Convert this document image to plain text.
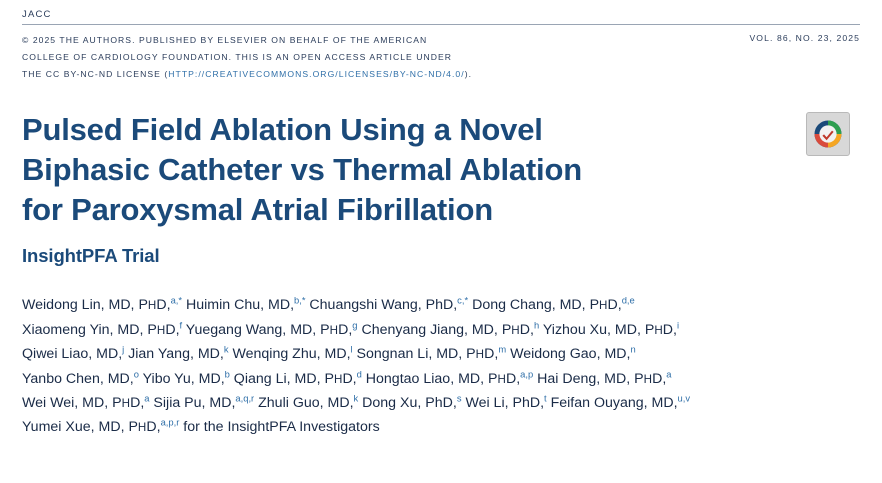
JACC
© 2025 THE AUTHORS. PUBLISHED BY ELSEVIER ON BEHALF OF THE AMERICAN
COLLEGE OF CARDIOLOGY FOUNDATION. THIS IS AN OPEN ACCESS ARTICLE UNDER
THE CC BY-NC-ND LICENSE (HTTP://CREATIVECOMMONS.ORG/LICENSES/BY-NC-ND/4.0/).
VOL. 86, NO. 23, 2025
Pulsed Field Ablation Using a Novel
Biphasic Catheter vs Thermal Ablation
for Paroxysmal Atrial Fibrillation
InsightPFA Trial
Weidong Lin, MD, PHD,$^{a,*}$ Huimin Chu, MD,$^{b,*}$ Chuangshi Wang, PhD,$^{c,*}$ Dong Chang, MD, PHD,$^{d,e}$
Xiaomeng Yin, MD, PHD,$^f$ Yuegang Wang, MD, PHD,$^g$ Chenyang Jiang, MD, PHD,$^h$ Yizhou Xu, MD, PHD,$^i$
Qiwei Liao, MD,$^j$ Jian Yang, MD,$^k$ Wenqing Zhu, MD,$^l$ Songnan Li, MD, PHD,$^m$ Weidong Gao, MD,$^n$
Yanbo Chen, MD,$^o$ Yibo Yu, MD,$^b$ Qiang Li, MD, PHD,$^d$ Hongtao Liao, MD, PHD,$^{a,p}$ Hai Deng, MD, PHD,$^a$
Wei Wei, MD, PHD,$^a$ Sijia Pu, MD,$^{a,q,r}$ Zhuli Guo, MD,$^k$ Dong Xu, PhD,$^s$ Wei Li, PhD,$^t$ Feifan Ouyang, MD,$^{u,v}$
Yumei Xue, MD, PHD,$^{a,p,r}$ for the InsightPFA Investigators
